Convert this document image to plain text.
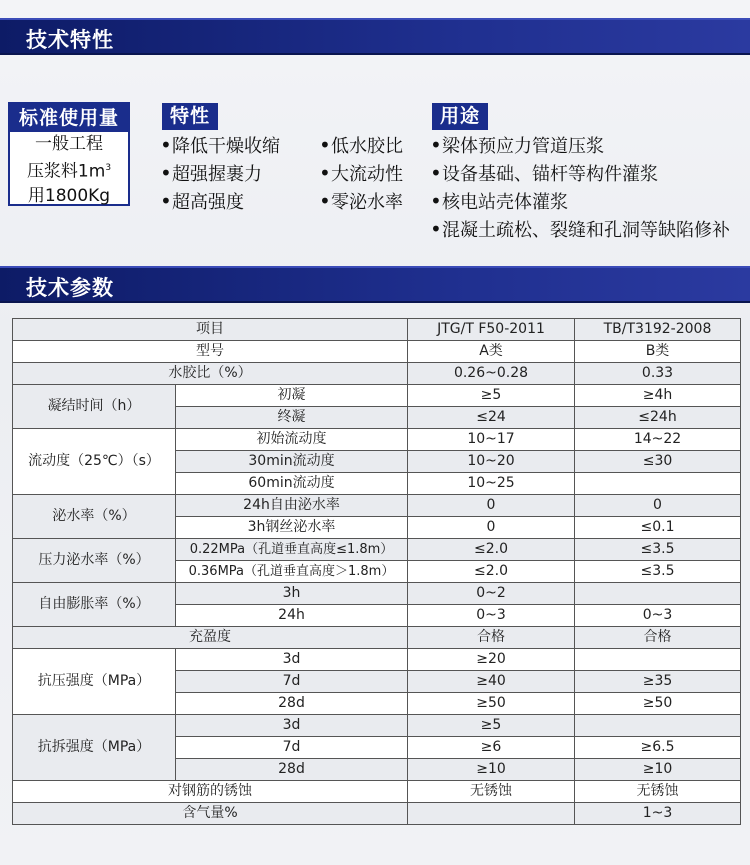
技术特性
标准使用量
一般工程
压浆料$1m^3$
用1800Kg
特性
•降低干燥收缩
•超强握裹力
•超高强度
•低水胶比
•大流动性
•零泌水率
用途
•梁体预应力管道压浆
•设备基础、锚杆等构件灌浆
•核电站壳体灌浆
•混凝土疏松、裂缝和孔洞等缺陷修补
技术参数
项目		JTG/T F50-2011	TB/T3192-2008
型号		A类	B类
水胶比（%）		0.26~0.28	0.33
凝结时间（h）	初凝	≥5	≥4h
	终凝	≤24	≤24h
流动度（25℃）（s）	初始流动度	10~17	14~22
	30min流动度	10~20	≤30
	60min流动度	10~25	
泌水率（%）	24h自由泌水率	0	0
	3h钢丝泌水率	0	≤0.1
压力泌水率（%）	0.22MPa（孔道垂直高度≤1.8m）	≤2.0	≤3.5
	0.36MPa（孔道垂直高度＞1.8m）	≤2.0	≤3.5
自由膨胀率（%）	3h	0~2	
	24h	0~3	0~3
充盈度		合格	合格
抗压强度（MPa）	3d	≥20	
	7d	≥40	≥35
	28d	≥50	≥50
抗拆强度（MPa）	3d	≥5	
	7d	≥6	≥6.5
	28d	≥10	≥10
对钢筋的锈蚀		无锈蚀	无锈蚀
含气量%			1~3
